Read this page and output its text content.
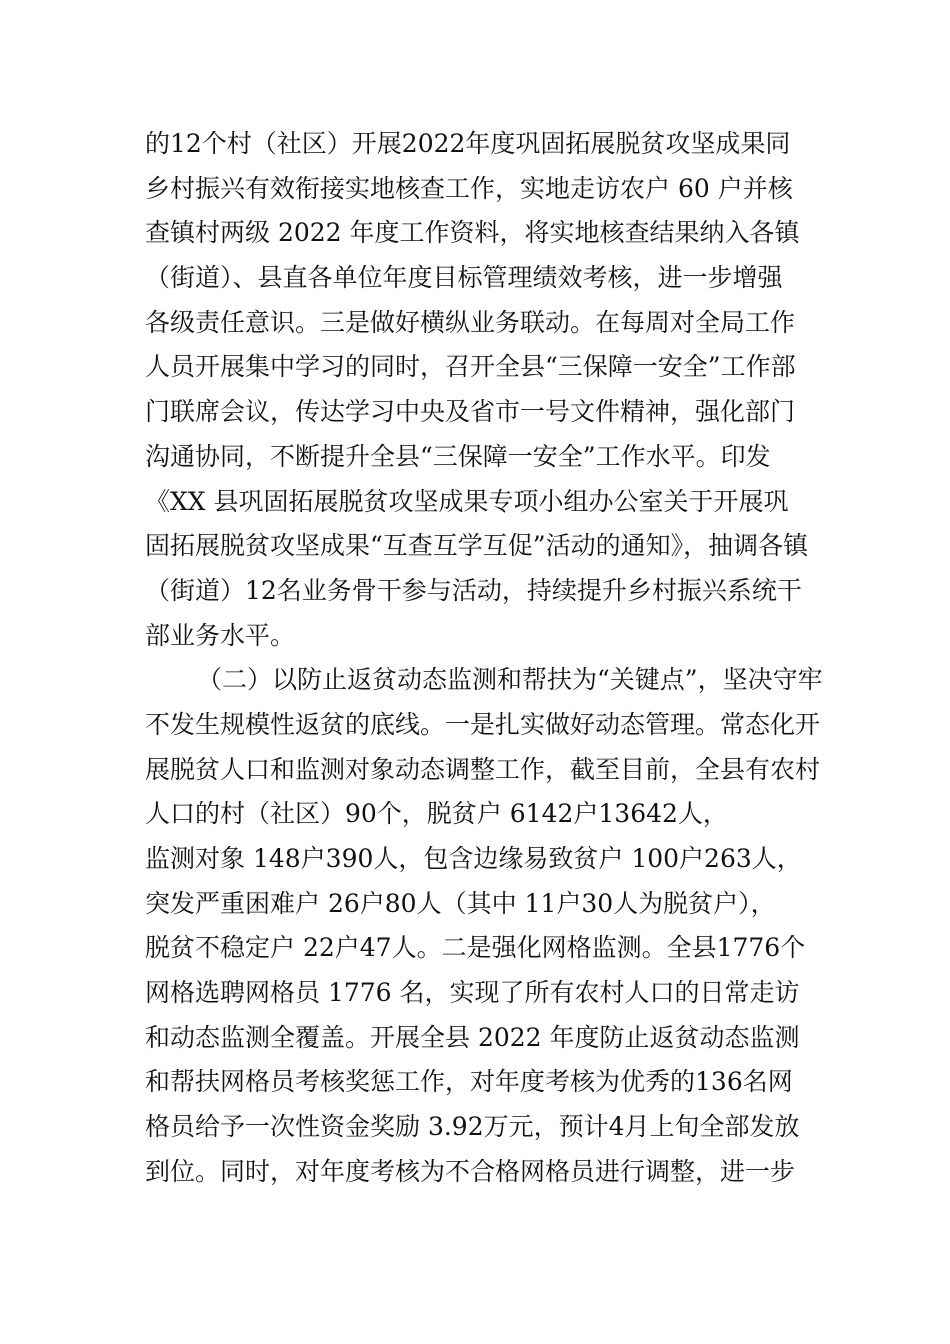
的12个村（社区）开展2022年度巩固拓展脱贫攻坚成果同
乡村振兴有效衔接实地核查工作，实地走访农户 60 户并核
查镇村两级 2022 年度工作资料，将实地核查结果纳入各镇
（街道）、县直各单位年度目标管理绩效考核，进一步增强
各级责任意识。三是做好横纵业务联动。在每周对全局工作
人员开展集中学习的同时，召开全县“三保障一安全”工作部
门联席会议，传达学习中央及省市一号文件精神，强化部门
沟通协同，不断提升全县“三保障一安全”工作水平。印发
《XX 县巩固拓展脱贫攻坚成果专项小组办公室关于开展巩
固拓展脱贫攻坚成果“互查互学互促”活动的通知》，抽调各镇
（街道）12名业务骨干参与活动，持续提升乡村振兴系统干
部业务水平。
（二）以防止返贫动态监测和帮扶为“关键点”，坚决守牢
不发生规模性返贫的底线。一是扎实做好动态管理。常态化开
展脱贫人口和监测对象动态调整工作，截至目前，全县有农村
人口的村（社区）90个，脱贫户 6142户13642人，
监测对象 148户390人，包含边缘易致贫户 100户263人，
突发严重困难户 26户80人（其中 11户30人为脱贫户），
脱贫不稳定户 22户47人。二是强化网格监测。全县1776个
网格选聘网格员 1776 名，实现了所有农村人口的日常走访
和动态监测全覆盖。开展全县 2022 年度防止返贫动态监测
和帮扶网格员考核奖惩工作，对年度考核为优秀的136名网
格员给予一次性资金奖励 3.92万元，预计4月上旬全部发放
到位。同时，对年度考核为不合格网格员进行调整，进一步
